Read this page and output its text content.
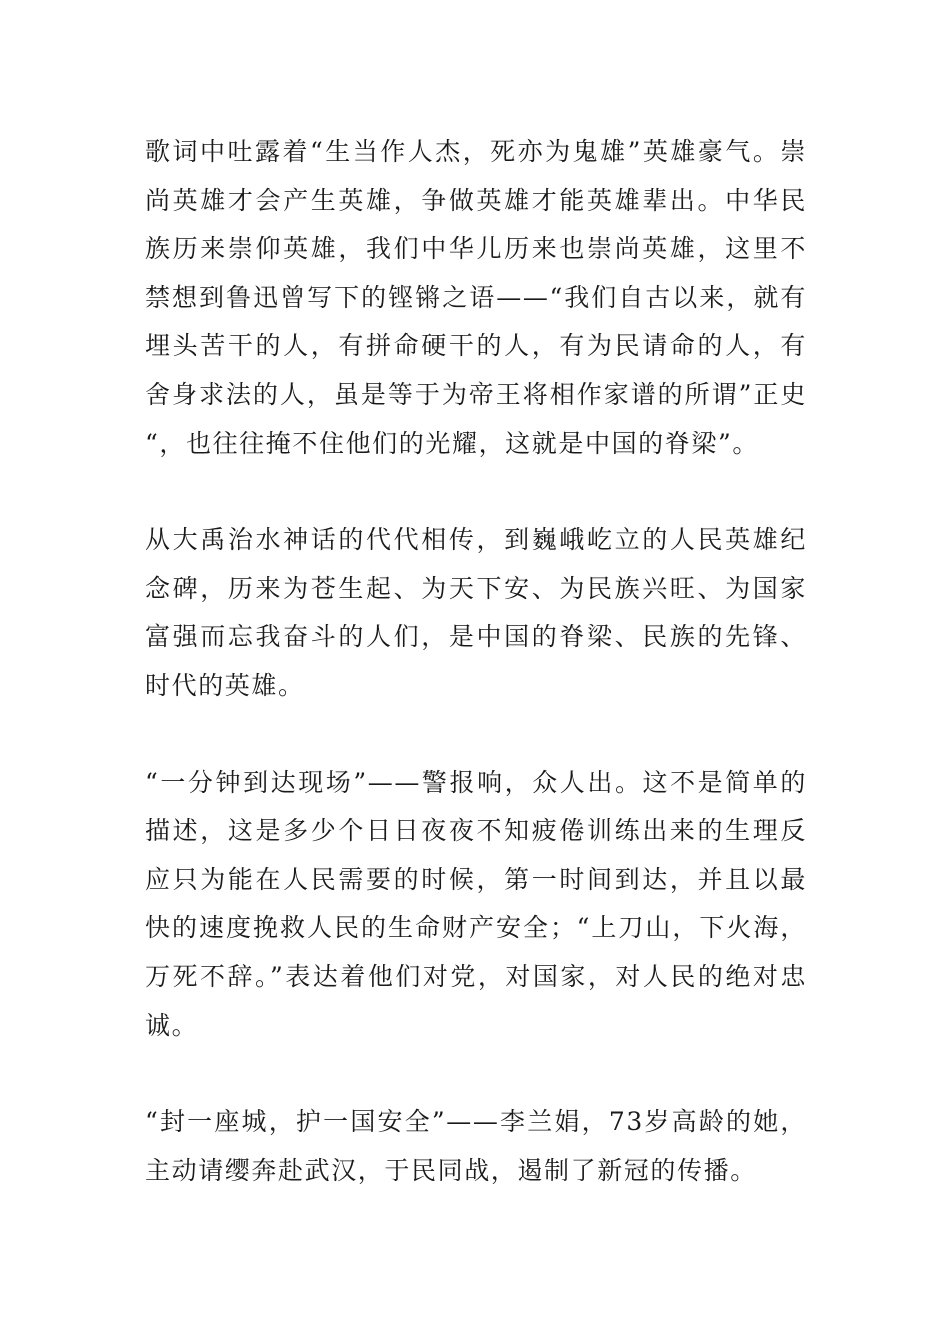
歌词中吐露着“生当作人杰，死亦为鬼雄”英雄豪气。崇尚英雄才会产生英雄，争做英雄才能英雄辈出。中华民族历来崇仰英雄，我们中华儿历来也崇尚英雄，这里不禁想到鲁迅曾写下的铿锵之语——“我们自古以来，就有埋头苦干的人，有拼命硬干的人，有为民请命的人，有舍身求法的人，虽是等于为帝王将相作家谱的所谓”正史“，也往往掩不住他们的光耀，这就是中国的脊梁”。

从大禹治水神话的代代相传，到巍峨屹立的人民英雄纪念碑，历来为苍生起、为天下安、为民族兴旺、为国家富强而忘我奋斗的人们，是中国的脊梁、民族的先锋、时代的英雄。

“一分钟到达现场”——警报响，众人出。这不是简单的描述，这是多少个日日夜夜不知疲倦训练出来的生理反应只为能在人民需要的时候，第一时间到达，并且以最快的速度挽救人民的生命财产安全；“上刀山，下火海，万死不辞。”表达着他们对党，对国家，对人民的绝对忠诚。

“封一座城，护一国安全”——李兰娟，73岁高龄的她，主动请缨奔赴武汉，于民同战，遏制了新冠的传播。
